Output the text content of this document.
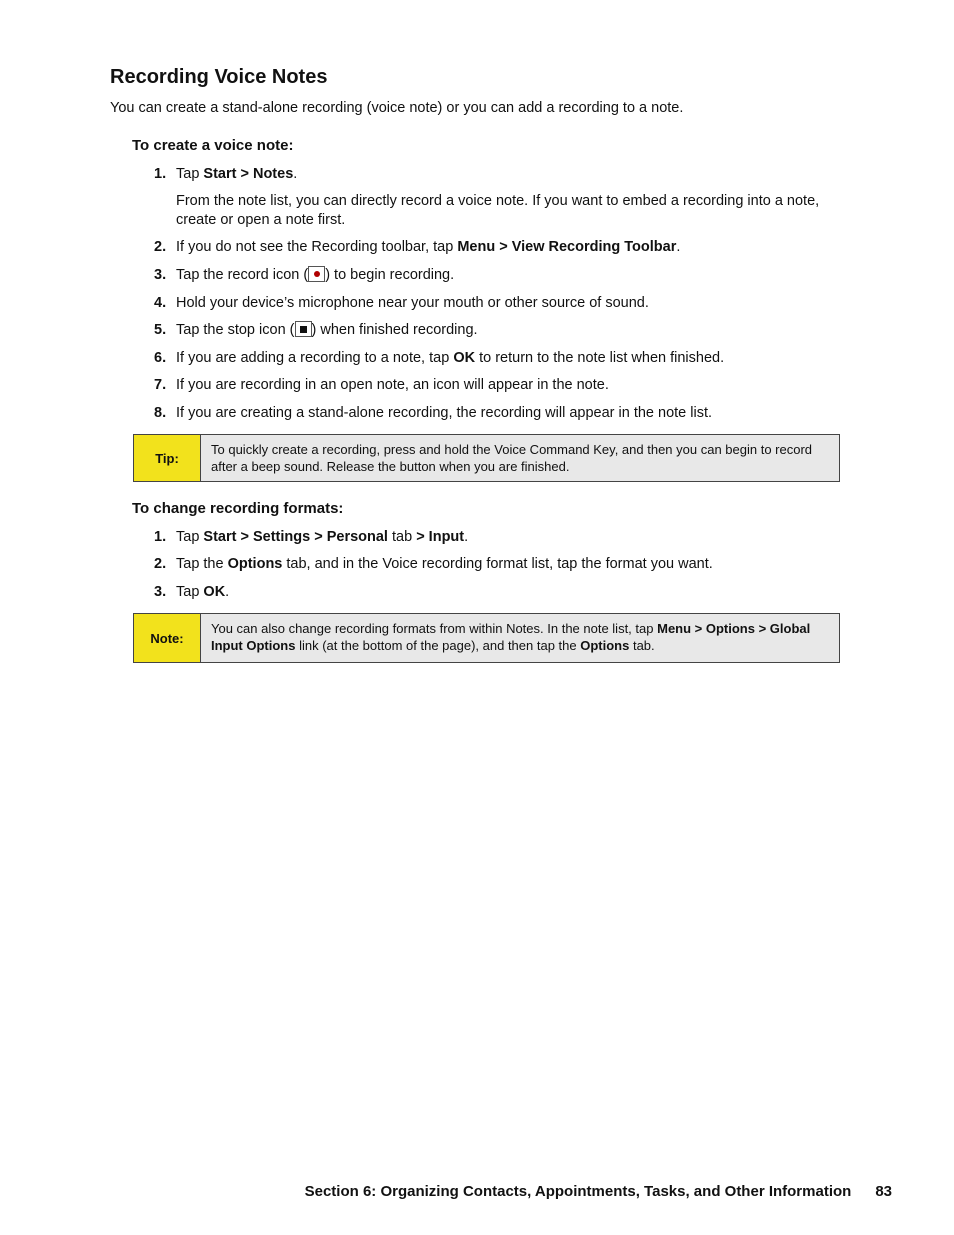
Recording Voice Notes
You can create a stand-alone recording (voice note) or you can add a recording to a note.
To create a voice note:
1. Tap Start > Notes.
From the note list, you can directly record a voice note. If you want to embed a recording into a note, create or open a note first.
2. If you do not see the Recording toolbar, tap Menu > View Recording Toolbar.
3. Tap the record icon ( ) to begin recording.
4. Hold your device’s microphone near your mouth or other source of sound.
5. Tap the stop icon ( ) when finished recording.
6. If you are adding a recording to a note, tap OK to return to the note list when finished.
7. If you are recording in an open note, an icon will appear in the note.
8. If you are creating a stand-alone recording, the recording will appear in the note list.
Tip:
To quickly create a recording, press and hold the Voice Command Key, and then you can begin to record after a beep sound. Release the button when you are finished.
To change recording formats:
1. Tap Start > Settings > Personal tab > Input.
2. Tap the Options tab, and in the Voice recording format list, tap the format you want.
3. Tap OK.
Note:
You can also change recording formats from within Notes. In the note list, tap Menu > Options > Global Input Options link (at the bottom of the page), and then tap the Options tab.
Section 6: Organizing Contacts, Appointments, Tasks, and Other Information 83
